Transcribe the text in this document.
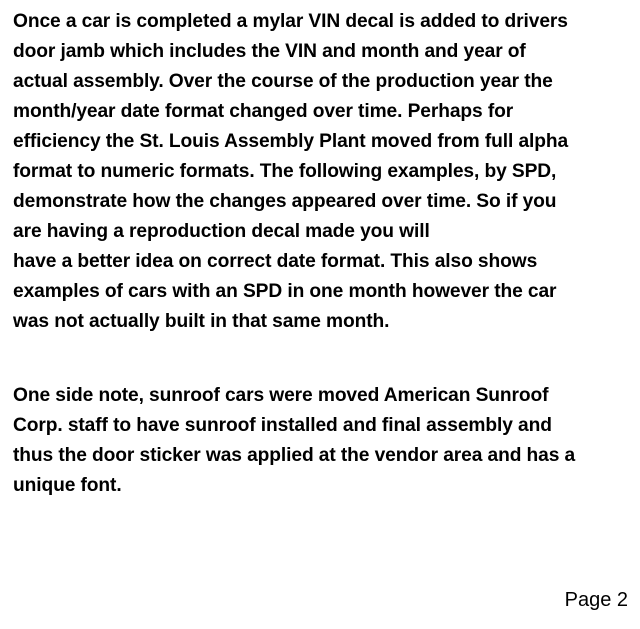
Once a car is completed a mylar VIN decal is added to drivers
door jamb which includes the VIN and month and year of
actual assembly. Over the course of the production year the
month/year date format changed over time. Perhaps for
efficiency the St. Louis Assembly Plant moved from full alpha
format to numeric formats. The following examples, by SPD,
demonstrate how the changes appeared over time. So if you
are having a reproduction decal made you will
have a better idea on correct date format. This also shows
examples of cars with an SPD in one month however the car
was not actually built in that same month.

One side note, sunroof cars were moved American Sunroof
Corp. staff to have sunroof installed and final assembly and
thus the door sticker was applied at the vendor area and has a
unique font.

Page 2
